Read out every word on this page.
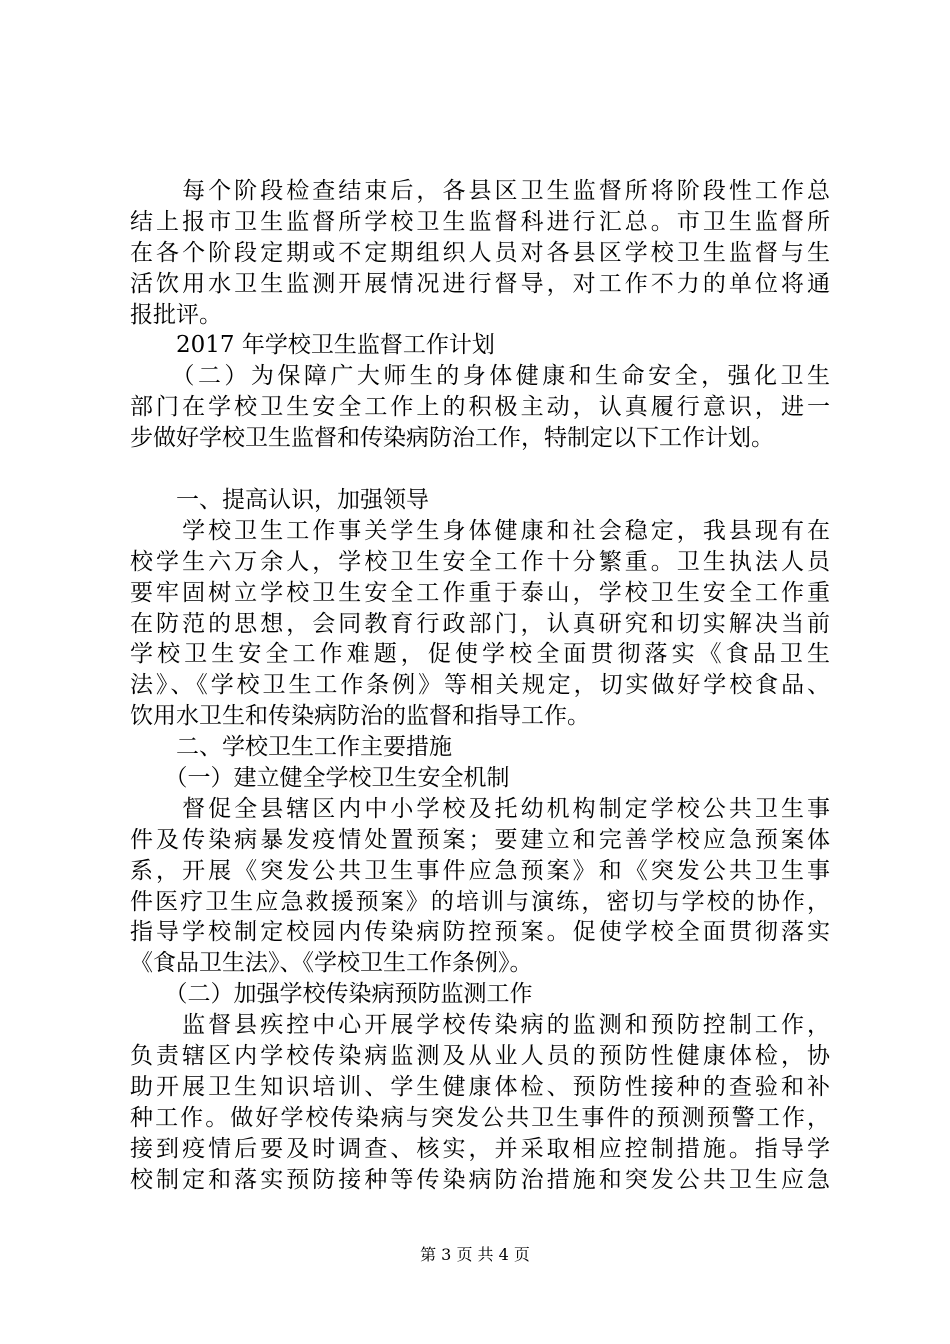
　　每个阶段检查结束后，各县区卫生监督所将阶段性工作总
结上报市卫生监督所学校卫生监督科进行汇总。市卫生监督所
在各个阶段定期或不定期组织人员对各县区学校卫生监督与生
活饮用水卫生监测开展情况进行督导，对工作不力的单位将通
报批评。
　　2017 年学校卫生监督工作计划
　　（二）为保障广大师生的身体健康和生命安全，强化卫生
部门在学校卫生安全工作上的积极主动，认真履行意识，进一
步做好学校卫生监督和传染病防治工作，特制定以下工作计划。
　　一、提高认识，加强领导
　　学校卫生工作事关学生身体健康和社会稳定，我县现有在
校学生六万余人，学校卫生安全工作十分繁重。卫生执法人员
要牢固树立学校卫生安全工作重于泰山，学校卫生安全工作重
在防范的思想，会同教育行政部门，认真研究和切实解决当前
学校卫生安全工作难题，促使学校全面贯彻落实《食品卫生
法》、《学校卫生工作条例》等相关规定，切实做好学校食品、
饮用水卫生和传染病防治的监督和指导工作。
　　二、学校卫生工作主要措施
　　（一）建立健全学校卫生安全机制
　　督促全县辖区内中小学校及托幼机构制定学校公共卫生事
件及传染病暴发疫情处置预案；要建立和完善学校应急预案体
系，开展《突发公共卫生事件应急预案》和《突发公共卫生事
件医疗卫生应急救援预案》的培训与演练，密切与学校的协作，
指导学校制定校园内传染病防控预案。促使学校全面贯彻落实
《食品卫生法》、《学校卫生工作条例》。
　　（二）加强学校传染病预防监测工作
　　监督县疾控中心开展学校传染病的监测和预防控制工作，
负责辖区内学校传染病监测及从业人员的预防性健康体检，协
助开展卫生知识培训、学生健康体检、预防性接种的查验和补
种工作。做好学校传染病与突发公共卫生事件的预测预警工作，
接到疫情后要及时调查、核实，并采取相应控制措施。指导学
校制定和落实预防接种等传染病防治措施和突发公共卫生应急
第 3 页 共 4 页
